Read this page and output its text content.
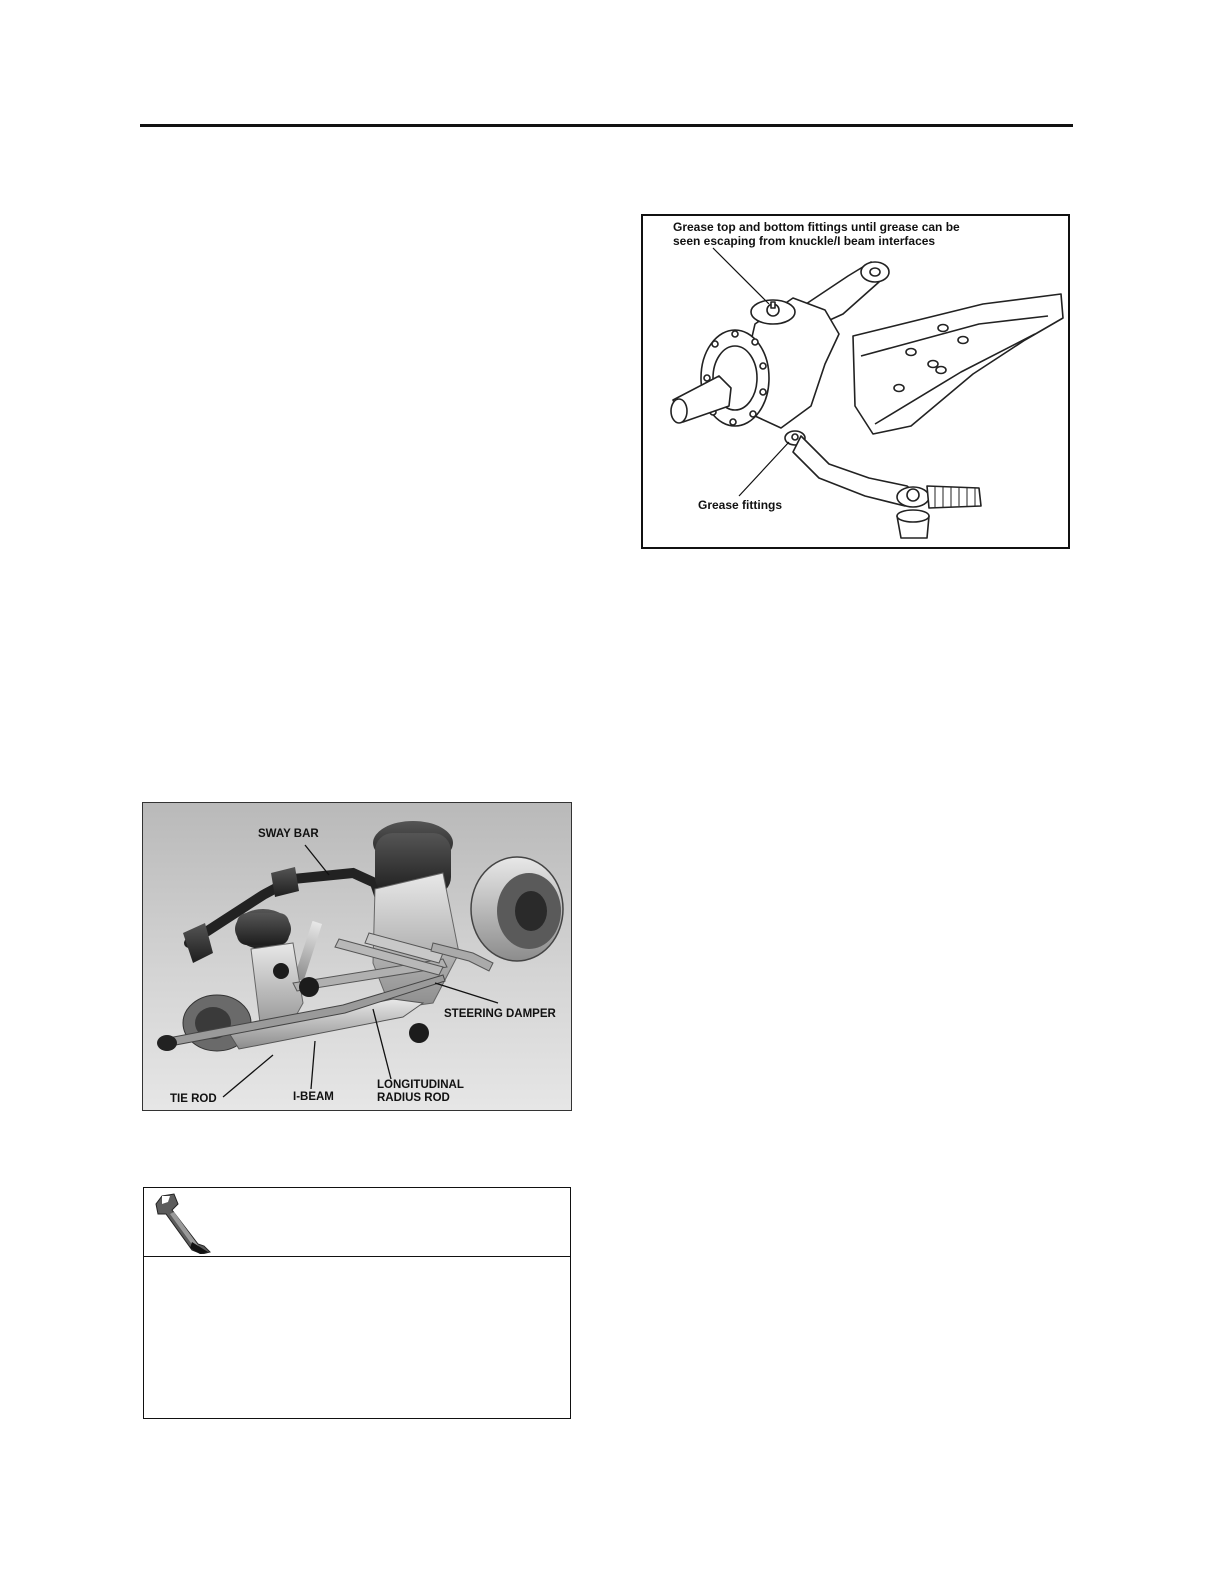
Grease top and bottom fittings until grease can be
seen escaping from knuckle/I beam interfaces
Grease fittings
SWAY BAR
STEERING DAMPER
TIE ROD	I-BEAM
LONGITUDINAL
RADIUS ROD
